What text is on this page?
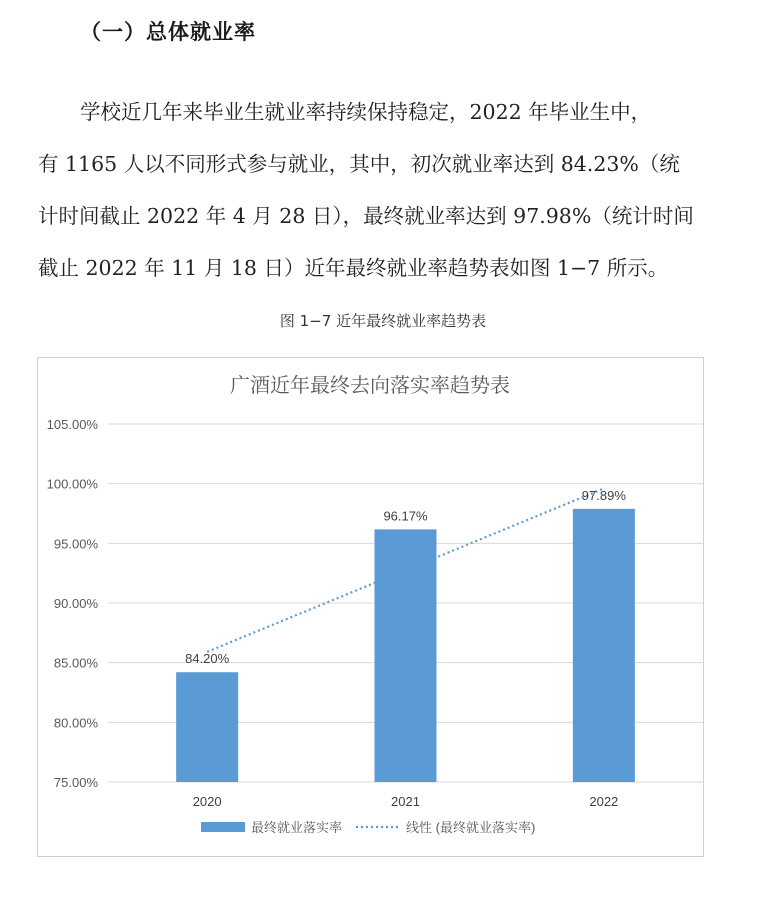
（一）总体就业率
学校近几年来毕业生就业率持续保持稳定，2022 年毕业生中，
有 1165 人以不同形式参与就业，其中，初次就业率达到 84.23%（统
计时间截止 2022 年 4 月 28 日），最终就业率达到 97.98%（统计时间
截止 2022 年 11 月 18 日）近年最终就业率趋势表如图 1−7 所示。
图 1−7 近年最终就业率趋势表
广酒近年最终去向落实率趋势表
75.00%
80.00%
85.00%
90.00%
95.00%
100.00%
105.00%
84.20%
2020
96.17%
2021
97.89%
2022
最终就业落实率	线性 (最终就业落实率)
